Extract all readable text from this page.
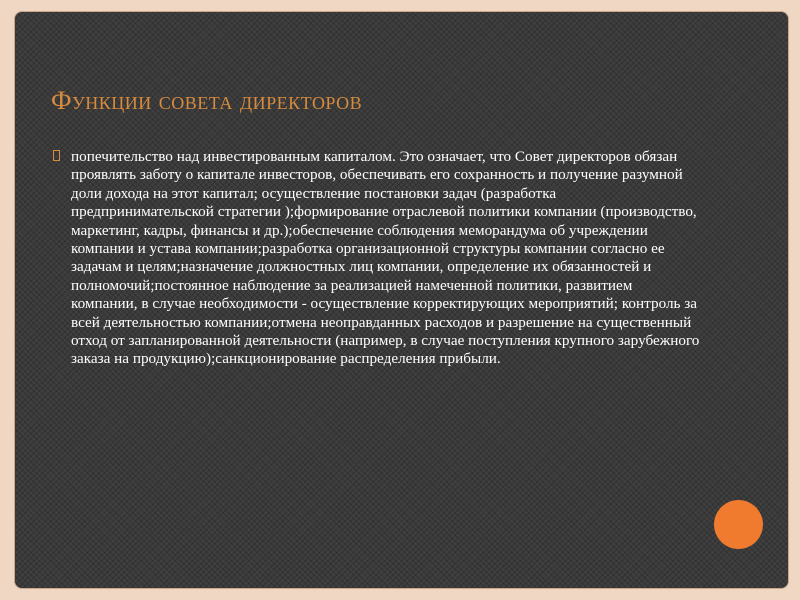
Функции совета директоров
попечительство над инвестированным капиталом. Это означает, что Совет директоров обязан проявлять заботу о капитале инвесторов, обеспечивать его сохранность и получение разумной доли дохода на этот капитал; осуществление постановки задач (разработка предпринимательской стратегии );формирование отраслевой политики компании (производство, маркетинг, кадры, финансы и др.);обеспечение соблюдения меморандума об учреждении компании и устава компании;разработка организационной структуры компании согласно ее задачам и целям;назначение должностных лиц компании, определение их обязанностей и полномочий;постоянное наблюдение за реализацией намеченной политики, развитием компании, в случае необходимости - осуществление корректирующих мероприятий; контроль за всей деятельностью компании;отмена неоправданных расходов и разрешение на существенный отход от запланированной деятельности (например, в случае поступления крупного зарубежного заказа на продукцию);санкционирование распределения прибыли.
